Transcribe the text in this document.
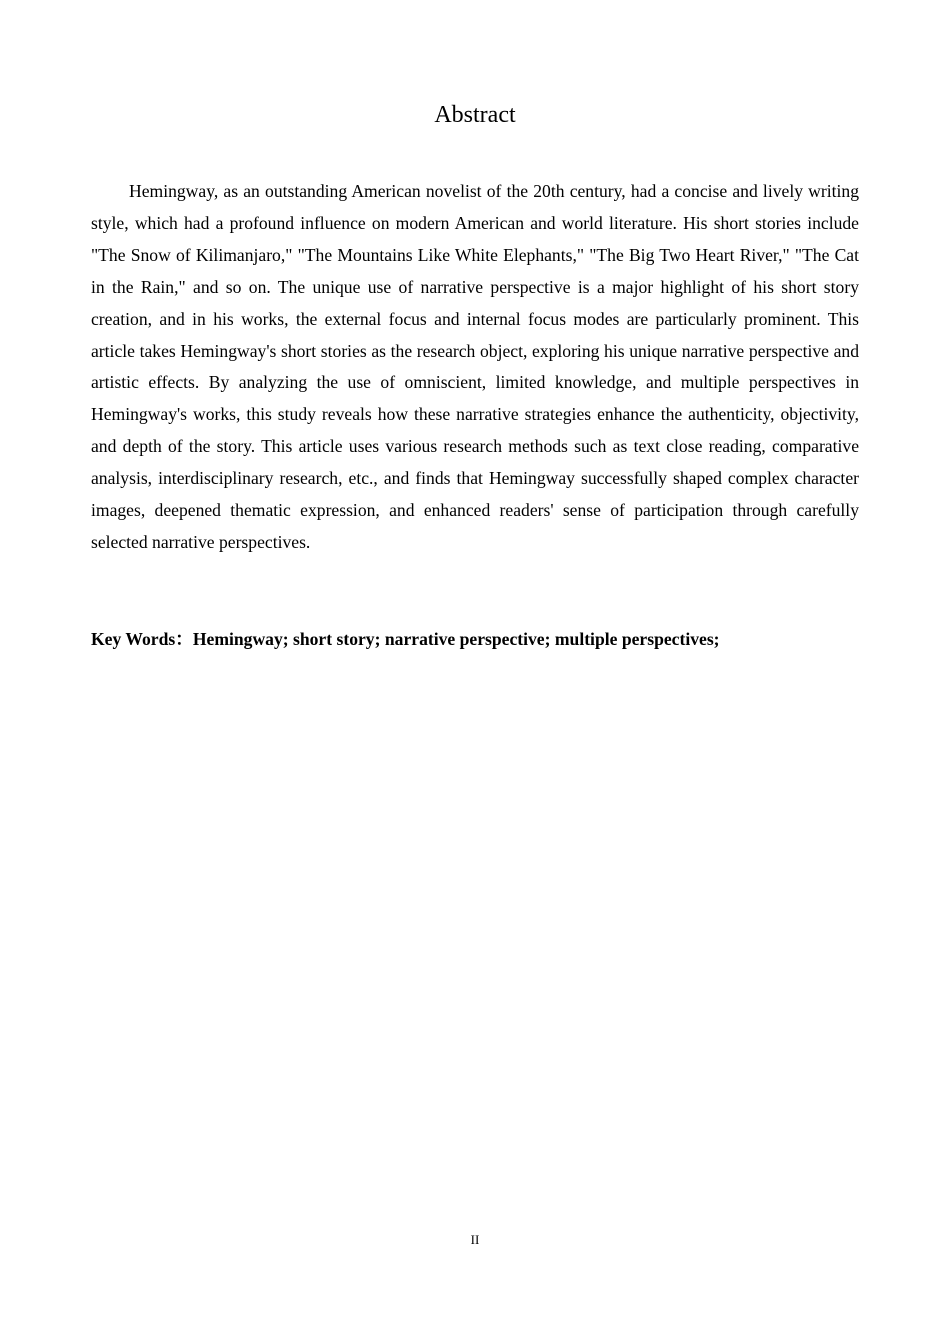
Abstract

Hemingway, as an outstanding American novelist of the 20th century, had a concise and lively writing style, which had a profound influence on modern American and world literature. His short stories include "The Snow of Kilimanjaro," "The Mountains Like White Elephants," "The Big Two Heart River," "The Cat in the Rain," and so on. The unique use of narrative perspective is a major highlight of his short story creation, and in his works, the external focus and internal focus modes are particularly prominent. This article takes Hemingway's short stories as the research object, exploring his unique narrative perspective and artistic effects. By analyzing the use of omniscient, limited knowledge, and multiple perspectives in Hemingway's works, this study reveals how these narrative strategies enhance the authenticity, objectivity, and depth of the story. This article uses various research methods such as text close reading, comparative analysis, interdisciplinary research, etc., and finds that Hemingway successfully shaped complex character images, deepened thematic expression, and enhanced readers' sense of participation through carefully selected narrative perspectives.

Key Words：Hemingway; short story; narrative perspective; multiple perspectives;

II
